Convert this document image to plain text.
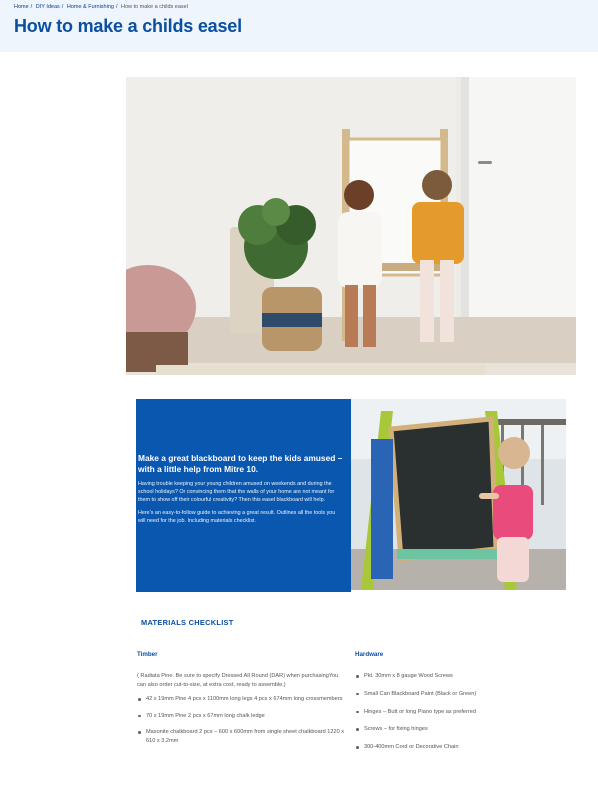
Home / DIY Ideas / Home & Furnishing / How to make a childs easel
How to make a childs easel
Make a great blackboard to keep the kids amused – with a little help from Mitre 10.

Having trouble keeping your young children amused on weekends and during the school holidays? Or convincing them that the walls of your home are not meant for them to show off their colourful creativity? Then this easel blackboard will help.

Here's an easy-to-follow guide to achieving a great result. Outlines all the tools you will need for the job. Including materials checklist.

MATERIALS CHECKLIST
Timber	Hardware

( Radiata Pine. Be sure to specify Dressed All Round (DAR) when purchasingYou can also order cut-to-size, at extra cost, ready to assemble.)

42 x 19mm Pine 4 pcs x 1100mm long legs 4 pcs x 674mm long crossmembers
70 x 19mm Pine 2 pcs x 67mm long chalk ledge
Masonite chalkboard 2 pcs – 600 x 600mm from single sheet chalkboard 1220 x 610 x 3.2mm
Pkt. 30mm x 8 gauge Wood Screws
Small Can Blackboard Paint (Black or Green)
Hinges – Butt or long Piano type as preferred
Screws – for fixing hinges
300-400mm Cord or Decorative Chain
